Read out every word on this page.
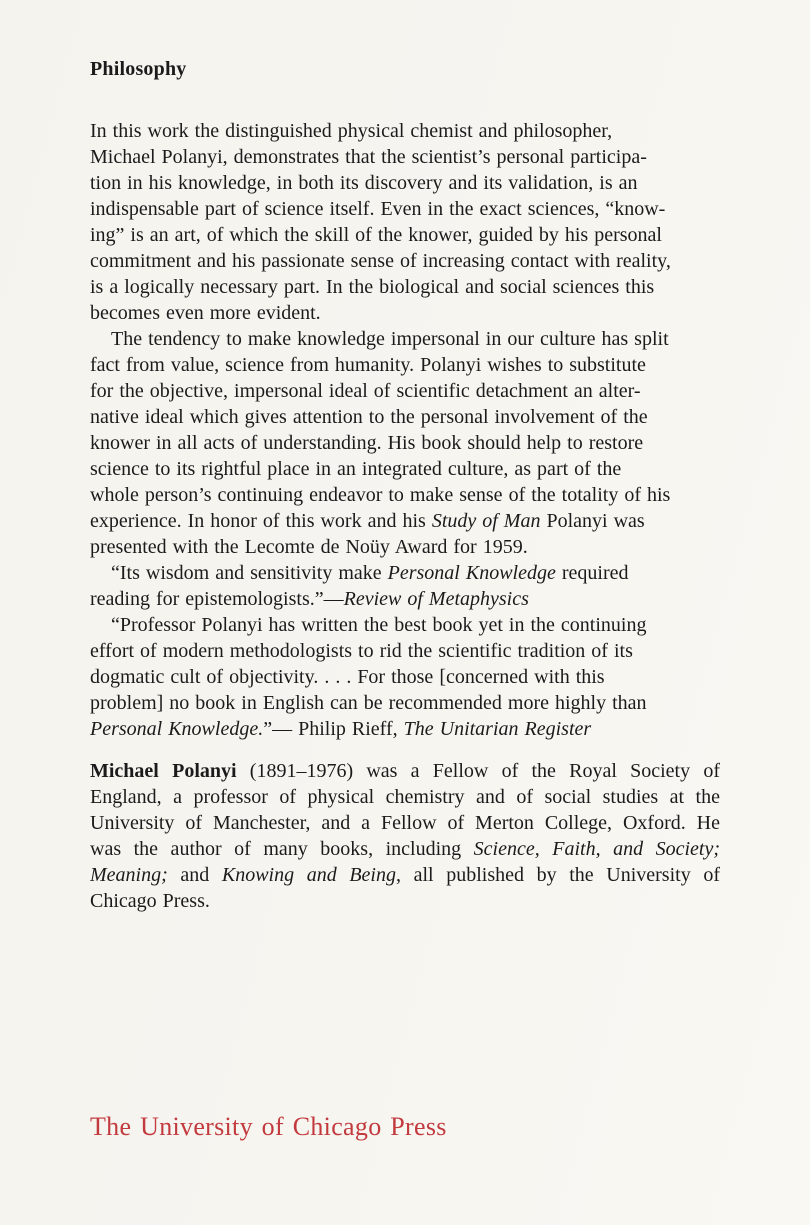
Philosophy
In this work the distinguished physical chemist and philosopher,
Michael Polanyi, demonstrates that the scientist’s personal participa-
tion in his knowledge, in both its discovery and its validation, is an
indispensable part of science itself. Even in the exact sciences, “know-
ing” is an art, of which the skill of the knower, guided by his personal
commitment and his passionate sense of increasing contact with reality,
is a logically necessary part. In the biological and social sciences this
becomes even more evident.
The tendency to make knowledge impersonal in our culture has split
fact from value, science from humanity. Polanyi wishes to substitute
for the objective, impersonal ideal of scientific detachment an alter-
native ideal which gives attention to the personal involvement of the
knower in all acts of understanding. His book should help to restore
science to its rightful place in an integrated culture, as part of the
whole person’s continuing endeavor to make sense of the totality of his
experience. In honor of this work and his Study of Man Polanyi was
presented with the Lecomte de Noüy Award for 1959.
“Its wisdom and sensitivity make Personal Knowledge required
reading for epistemologists.”—Review of Metaphysics
“Professor Polanyi has written the best book yet in the continuing
effort of modern methodologists to rid the scientific tradition of its
dogmatic cult of objectivity. . . . For those [concerned with this
problem] no book in English can be recommended more highly than
Personal Knowledge.”— Philip Rieff, The Unitarian Register
Michael Polanyi (1891–1976) was a Fellow of the Royal Society of
England, a professor of physical chemistry and of social studies at the
University of Manchester, and a Fellow of Merton College, Oxford. He
was the author of many books, including Science, Faith, and Society;
Meaning; and Knowing and Being, all published by the University of
Chicago Press.
The University of Chicago Press
